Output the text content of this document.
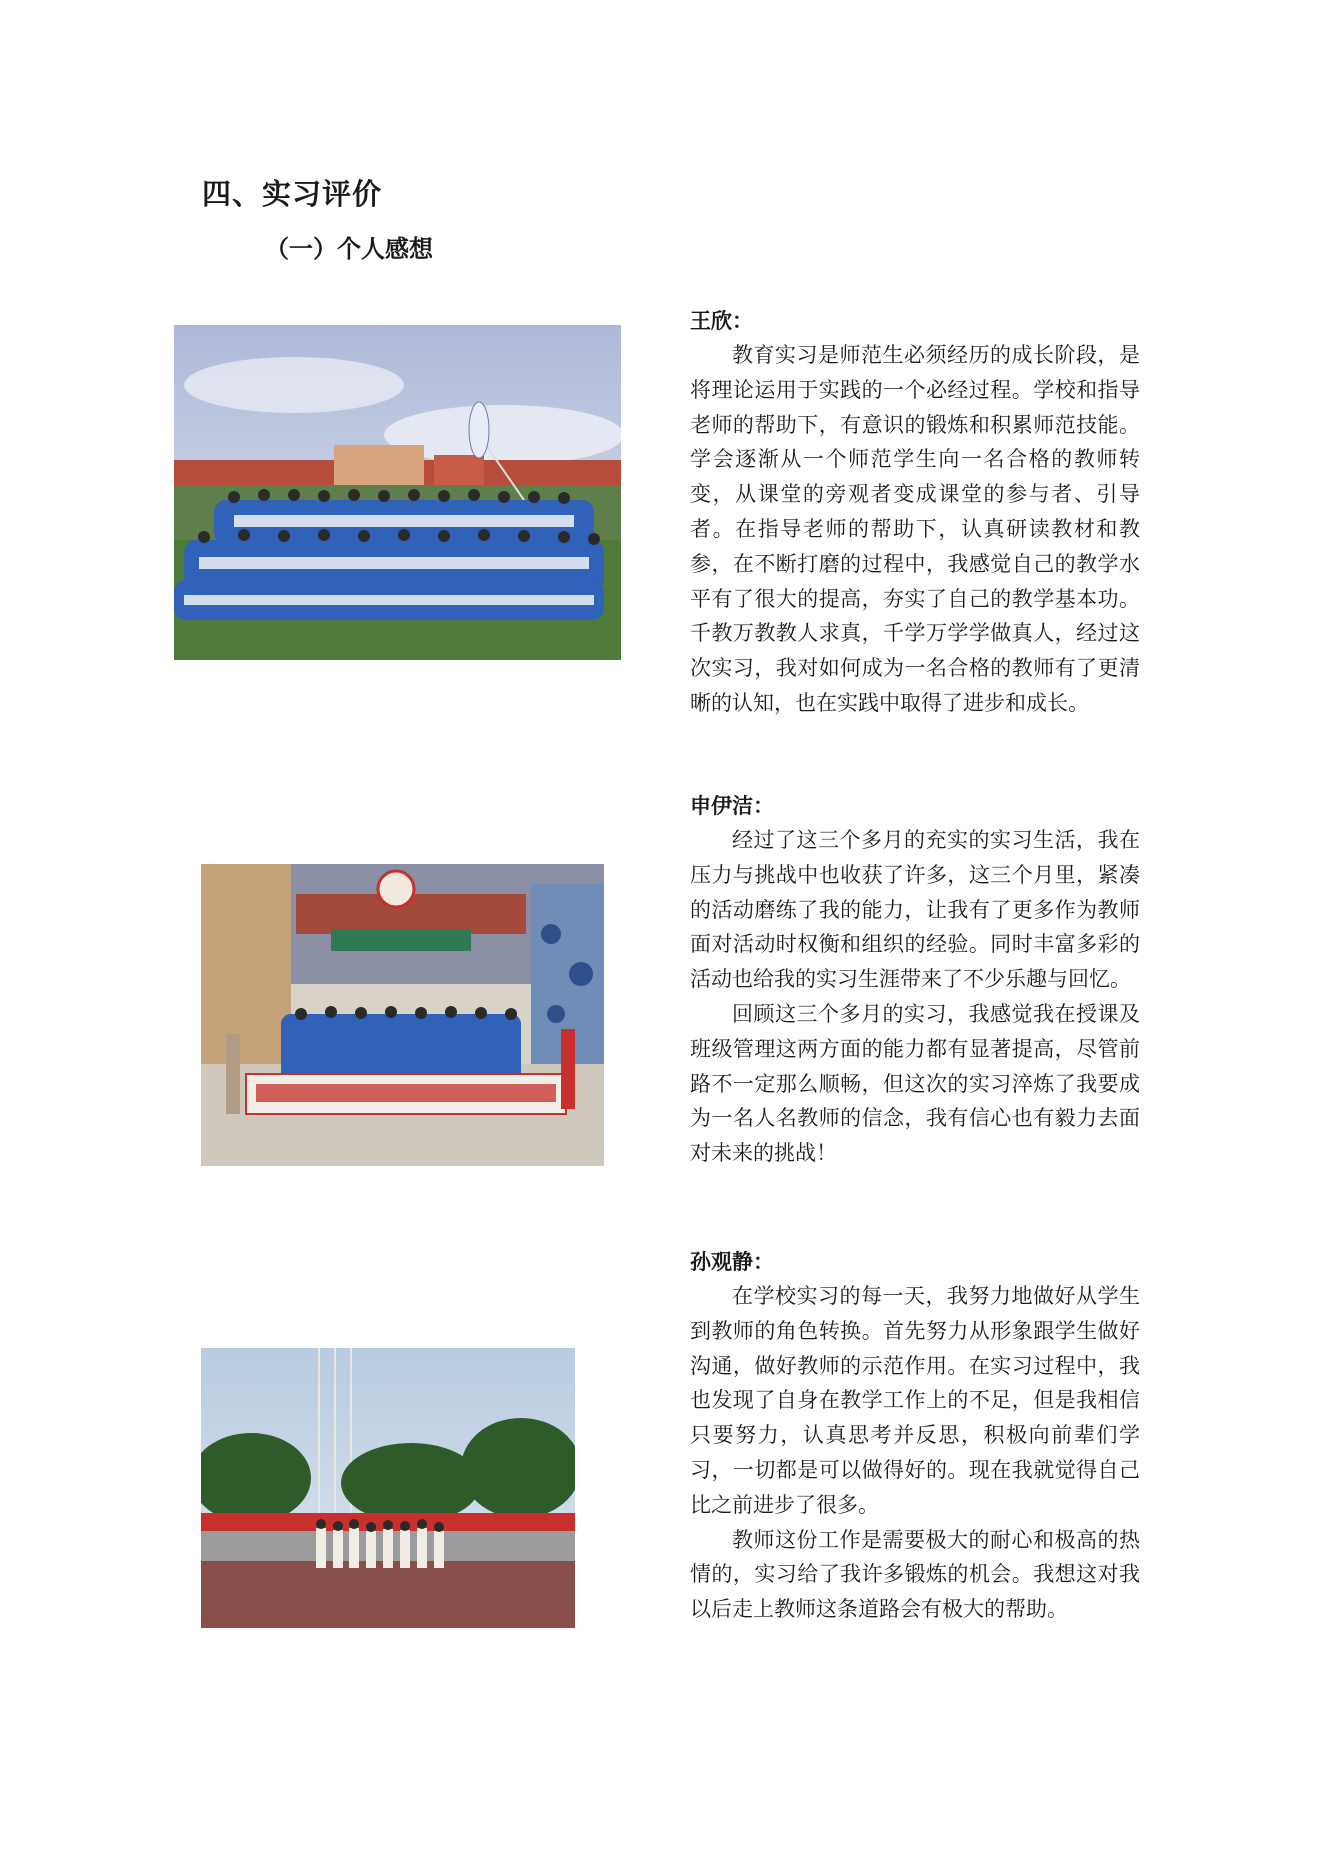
四、实习评价
（一）个人感想
王欣：

教育实习是师范生必须经历的成长阶段，是将理论运用于实践的一个必经过程。学校和指导老师的帮助下，有意识的锻炼和积累师范技能。学会逐渐从一个师范学生向一名合格的教师转变，从课堂的旁观者变成课堂的参与者、引导者。在指导老师的帮助下，认真研读教材和教参，在不断打磨的过程中，我感觉自己的教学水平有了很大的提高，夯实了自己的教学基本功。千教万教教人求真，千学万学学做真人，经过这次实习，我对如何成为一名合格的教师有了更清晰的认知，也在实践中取得了进步和成长。

申伊洁：

经过了这三个多月的充实的实习生活，我在压力与挑战中也收获了许多，这三个月里，紧凑的活动磨练了我的能力，让我有了更多作为教师面对活动时权衡和组织的经验。同时丰富多彩的活动也给我的实习生涯带来了不少乐趣与回忆。

回顾这三个多月的实习，我感觉我在授课及班级管理这两方面的能力都有显著提高，尽管前路不一定那么顺畅，但这次的实习淬炼了我要成为一名人名教师的信念，我有信心也有毅力去面对未来的挑战！

孙观静：

在学校实习的每一天，我努力地做好从学生到教师的角色转换。首先努力从形象跟学生做好沟通，做好教师的示范作用。在实习过程中，我也发现了自身在教学工作上的不足，但是我相信只要努力，认真思考并反思，积极向前辈们学习，一切都是可以做得好的。现在我就觉得自己比之前进步了很多。

教师这份工作是需要极大的耐心和极高的热情的，实习给了我许多锻炼的机会。我想这对我以后走上教师这条道路会有极大的帮助。
